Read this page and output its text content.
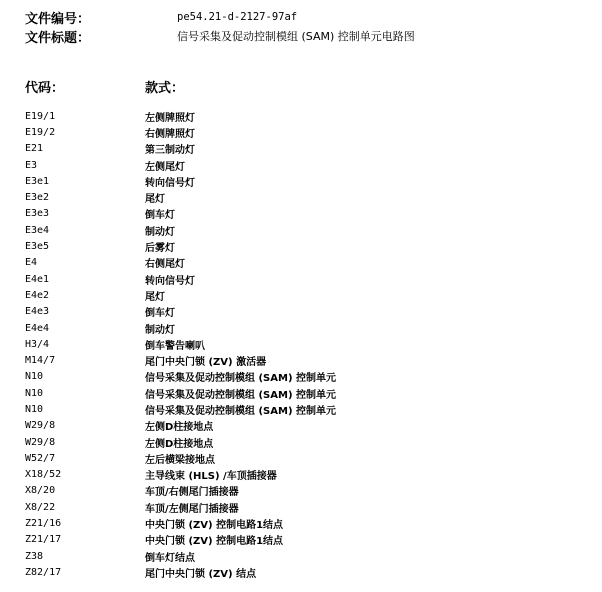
文件编号：	pe54.21-d-2127-97af
文件标题：	信号采集及促动控制模组 (SAM) 控制单元电路图
代码：	款式：
E19/1	左侧牌照灯
E19/2	右侧牌照灯
E21	第三制动灯
E3	左侧尾灯
E3e1	转向信号灯
E3e2	尾灯
E3e3	倒车灯
E3e4	制动灯
E3e5	后雾灯
E4	右侧尾灯
E4e1	转向信号灯
E4e2	尾灯
E4e3	倒车灯
E4e4	制动灯
H3/4	倒车警告喇叭
M14/7	尾门中央门锁 (ZV) 激活器
N10	信号采集及促动控制模组 (SAM) 控制单元
N10	信号采集及促动控制模组 (SAM) 控制单元
N10	信号采集及促动控制模组 (SAM) 控制单元
W29/8	左侧D柱接地点
W29/8	左侧D柱接地点
W52/7	左后横梁接地点
X18/52	主导线束 (HLS) /车顶插接器
X8/20	车顶/右侧尾门插接器
X8/22	车顶/左侧尾门插接器
Z21/16	中央门锁 (ZV) 控制电路1结点
Z21/17	中央门锁 (ZV) 控制电路1结点
Z38	倒车灯结点
Z82/17	尾门中央门锁 (ZV) 结点
